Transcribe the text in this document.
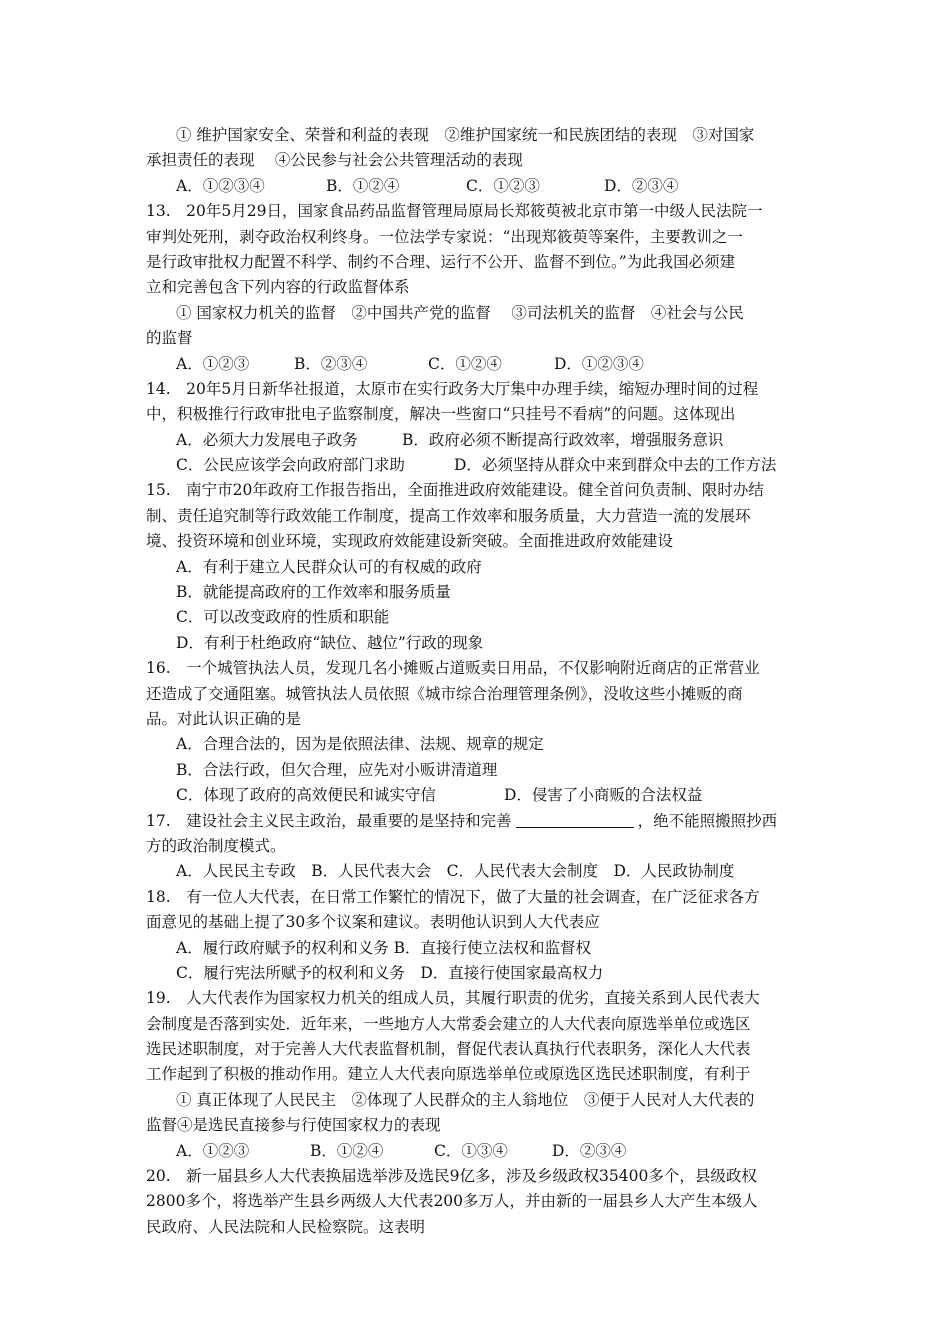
① 维护国家安全、荣誉和利益的表现　②维护国家统一和民族团结的表现　③对国家
承担责任的表现　 ④公民参与社会公共管理活动的表现
A．①②③④	B．①②④	C．①②③	D．②③④
13.　20年5月29日，国家食品药品监督管理局原局长郑筱萸被北京市第一中级人民法院一
审判处死刑，剥夺政治权利终身。一位法学专家说：“出现郑筱萸等案件，主要教训之一
是行政审批权力配置不科学、制约不合理、运行不公开、监督不到位。”为此我国必须建
立和完善包含下列内容的行政监督体系
① 国家权力机关的监督　②中国共产党的监督　 ③司法机关的监督　④社会与公民
的监督
A．①②③	B．②③④	C．①②④	D．①②③④
14.　20年5月日新华社报道，太原市在实行政务大厅集中办理手续，缩短办理时间的过程
中，积极推行行政审批电子监察制度，解决一些窗口“只挂号不看病”的问题。这体现出
A．必须大力发展电子政务	B．政府必须不断提高行政效率，增强服务意识
C．公民应该学会向政府部门求助	D．必须坚持从群众中来到群众中去的工作方法
15.　南宁市20年政府工作报告指出，全面推进政府效能建设。健全首问负责制、限时办结
制、责任追究制等行政效能工作制度，提高工作效率和服务质量，大力营造一流的发展环
境、投资环境和创业环境，实现政府效能建设新突破。全面推进政府效能建设
A．有利于建立人民群众认可的有权威的政府
B．就能提高政府的工作效率和服务质量
C．可以改变政府的性质和职能
D．有利于杜绝政府“缺位、越位”行政的现象
16.　一个城管执法人员，发现几名小摊贩占道贩卖日用品，不仅影响附近商店的正常营业
还造成了交通阻塞。城管执法人员依照《城市综合治理管理条例》，没收这些小摊贩的商
品。对此认识正确的是
A．合理合法的，因为是依照法律、法规、规章的规定
B．合法行政，但欠合理，应先对小贩讲清道理
C．体现了政府的高效便民和诚实守信	D．侵害了小商贩的合法权益
17.　建设社会主义民主政治，最重要的是坚持和完善	，绝不能照搬照抄西
方的政治制度模式。
A．人民民主专政　B．人民代表大会　C．人民代表大会制度　D．人民政协制度
18.　有一位人大代表，在日常工作繁忙的情况下，做了大量的社会调查，在广泛征求各方
面意见的基础上提了30多个议案和建议。表明他认识到人大代表应
A．履行政府赋予的权利和义务 B．直接行使立法权和监督权
C．履行宪法所赋予的权利和义务　D．直接行使国家最高权力
19.　人大代表作为国家权力机关的组成人员，其履行职责的优劣，直接关系到人民代表大
会制度是否落到实处．近年来，一些地方人大常委会建立的人大代表向原选举单位或选区
选民述职制度，对于完善人大代表监督机制，督促代表认真执行代表职务，深化人大代表
工作起到了积极的推动作用。建立人大代表向原选举单位或原选区选民述职制度，有利于
① 真正体现了人民民主　②体现了人民群众的主人翁地位　③便于人民对人大代表的
监督④是选民直接参与行使国家权力的表现
A．①②③	B．①②④	C．①③④	D．②③④
20.　新一届县乡人大代表换届选举涉及选民9亿多，涉及乡级政权35400多个，县级政权
2800多个，将选举产生县乡两级人大代表200多万人，并由新的一届县乡人大产生本级人
民政府、人民法院和人民检察院。这表明
